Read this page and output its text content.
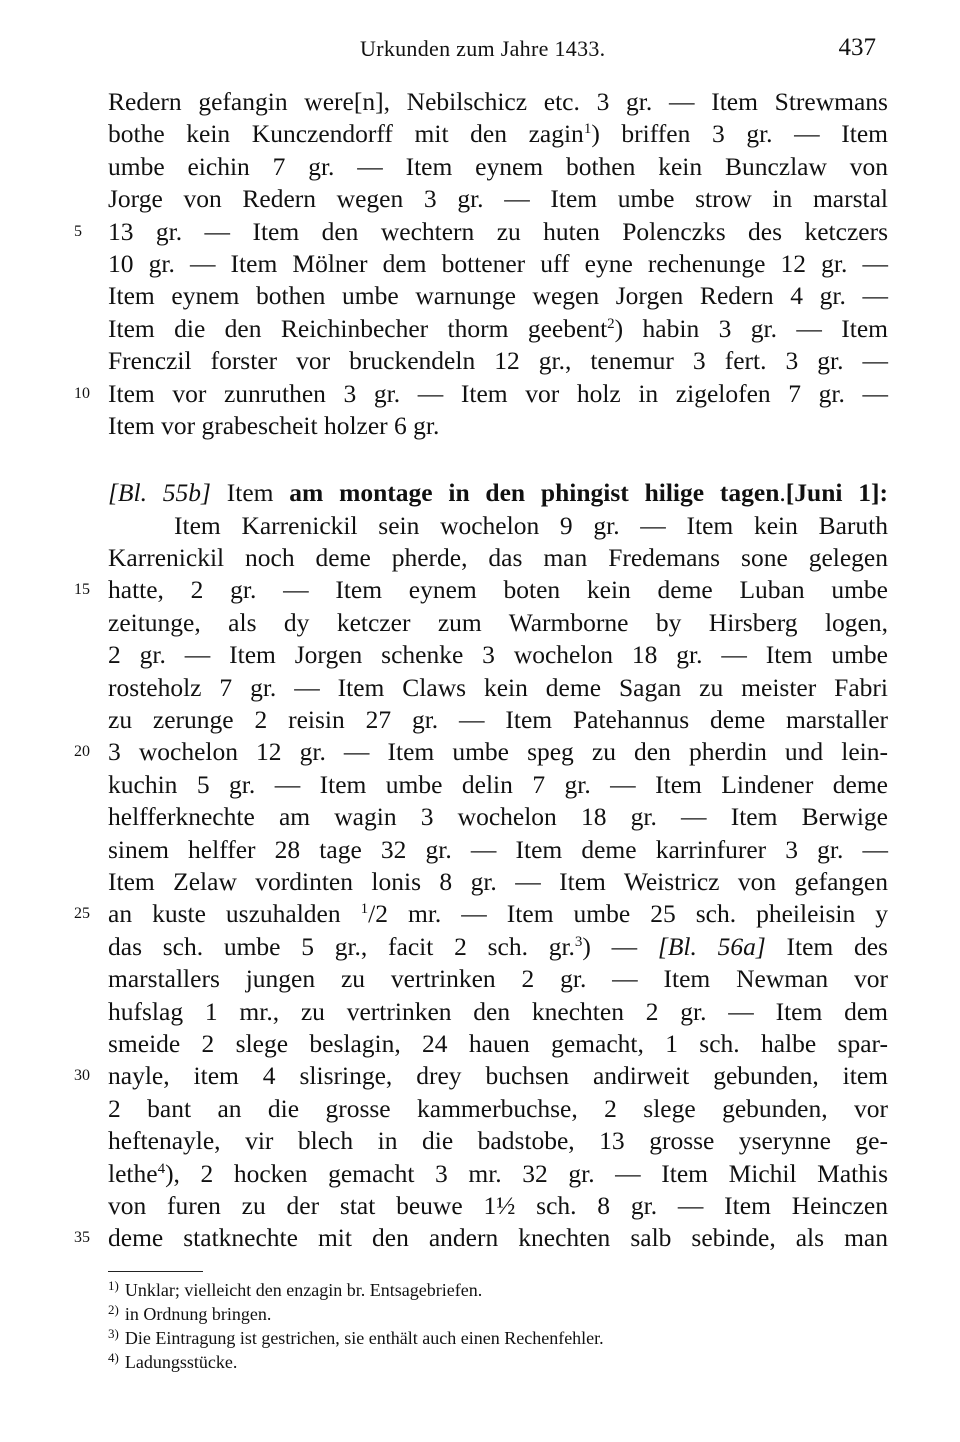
Urkunden zum Jahre 1433.	437
Redern gefangin were[n], Nebilschicz etc. 3 gr. — Item Strewmans
bothe kein Kunczendorff mit den zagin$^1$) briffen 3 gr. — Item
umbe eichin 7 gr. — Item eynem bothen kein Bunczlaw von
Jorge von Redern wegen 3 gr. — Item umbe strow in marstal
5	13 gr. — Item den wechtern zu huten Polenczks des ketczers
10 gr. — Item Mölner dem bottener uff eyne rechenunge 12 gr. —
Item eynem bothen umbe warnunge wegen Jorgen Redern 4 gr. —
Item die den Reichinbecher thorm geebent$^2$) habin 3 gr. — Item
Frenczil forster vor bruckendeln 12 gr., tenemur 3 fert. 3 gr. —
10 Item vor zunruthen 3 gr. — Item vor holz in zigelofen 7 gr. —
Item vor grabescheit holzer 6 gr.
[Bl. 55b] Item am montage in den phingist hilige tagen.[Juni 1]:
Item Karrenickil sein wochelon 9 gr. — Item kein Baruth
Karrenickil noch deme pherde, das man Fredemans sone gelegen
15 hatte, 2 gr. — Item eynem boten kein deme Luban umbe
zeitunge, als dy ketczer zum Warmborne by Hirsberg logen,
2 gr. — Item Jorgen schenke 3 wochelon 18 gr. — Item umbe
rosteholz 7 gr. — Item Claws kein deme Sagan zu meister Fabri
zu zerunge 2 reisin 27 gr. — Item Patehannus deme marstaller
20 3 wochelon 12 gr. — Item umbe speg zu den pherdin und lein-
kuchin 5 gr. — Item umbe delin 7 gr. — Item Lindener deme
helfferknechte am wagin 3 wochelon 18 gr. — Item Berwige
sinem helffer 28 tage 32 gr. — Item deme karrinfurer 3 gr. —
Item Zelaw vordinten lonis 8 gr. — Item Weistricz von gefangen
25 an kuste uszuhalden $^1$/2 mr. — Item umbe 25 sch. pheileisin y
das sch. umbe 5 gr., facit 2 sch. gr.$^3$) — [Bl. 56a] Item des
marstallers jungen zu vertrinken 2 gr. — Item Newman vor
hufslag 1 mr., zu vertrinken den knechten 2 gr. — Item dem
smeide 2 slege beslagin, 24 hauen gemacht, 1 sch. halbe spar-
30 nayle, item 4 slisringe, drey buchsen andirweit gebunden, item
2 bant an die grosse kammerbuchse, 2 slege gebunden, vor
heftenayle, vir blech in die badstobe, 13 grosse yserynne ge-
lethe$^4$), 2 hocken gemacht 3 mr. 32 gr. — Item Michil Mathis
von furen zu der stat beuwe 1½ sch. 8 gr. — Item Heinczen
35 deme statknechte mit den andern knechten salb sebinde, als man
$^{1)}$ Unklar; vielleicht den enzagin br. Entsagebriefen.
$^{2)}$ in Ordnung bringen.
$^{3)}$ Die Eintragung ist gestrichen, sie enthält auch einen Rechenfehler.
$^{4)}$ Ladungsstücke.
